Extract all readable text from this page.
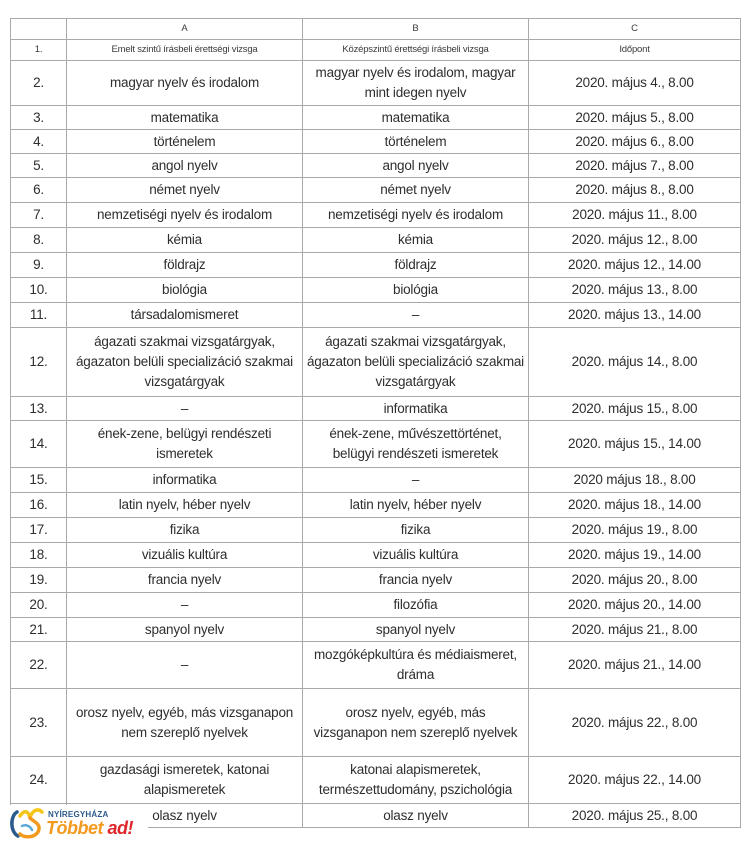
	A	B	C
1.	Emelt szintű írásbeli érettségi vizsga	Középszintű érettségi írásbeli vizsga	Időpont
2.	magyar nyelv és irodalom	magyar nyelv és irodalom, magyar mint idegen nyelv	2020. május 4., 8.00
3.	matematika	matematika	2020. május 5., 8.00
4.	történelem	történelem	2020. május 6., 8.00
5.	angol nyelv	angol nyelv	2020. május 7., 8.00
6.	német nyelv	német nyelv	2020. május 8., 8.00
7.	nemzetiségi nyelv és irodalom	nemzetiségi nyelv és irodalom	2020. május 11., 8.00
8.	kémia	kémia	2020. május 12., 8.00
9.	földrajz	földrajz	2020. május 12., 14.00
10.	biológia	biológia	2020. május 13., 8.00
11.	társadalomismeret	–	2020. május 13., 14.00
12.	ágazati szakmai vizsgatárgyak, ágazaton belüli specializáció szakmai vizsgatárgyak	ágazati szakmai vizsgatárgyak, ágazaton belüli specializáció szakmai vizsgatárgyak	2020. május 14., 8.00
13.	–	informatika	2020. május 15., 8.00
14.	ének-zene, belügyi rendészeti ismeretek	ének-zene, művészettörténet, belügyi rendészeti ismeretek	2020. május 15., 14.00
15.	informatika	–	2020 május 18., 8.00
16.	latin nyelv, héber nyelv	latin nyelv, héber nyelv	2020. május 18., 14.00
17.	fizika	fizika	2020. május 19., 8.00
18.	vizuális kultúra	vizuális kultúra	2020. május 19., 14.00
19.	francia nyelv	francia nyelv	2020. május 20., 8.00
20.	–	filozófia	2020. május 20., 14.00
21.	spanyol nyelv	spanyol nyelv	2020. május 21., 8.00
22.	–	mozgóképkultúra és médiaismeret, dráma	2020. május 21., 14.00
23.	orosz nyelv, egyéb, más vizsganapon nem szereplő nyelvek	orosz nyelv, egyéb, más vizsganapon nem szereplő nyelvek	2020. május 22., 8.00
24.	gazdasági ismeretek, katonai alapismeretek	katonai alapismeretek, természettudomány, pszichológia	2020. május 22., 14.00
	olasz nyelv	olasz nyelv	2020. május 25., 8.00
NYÍREGYHÁZA
Többet ad!
